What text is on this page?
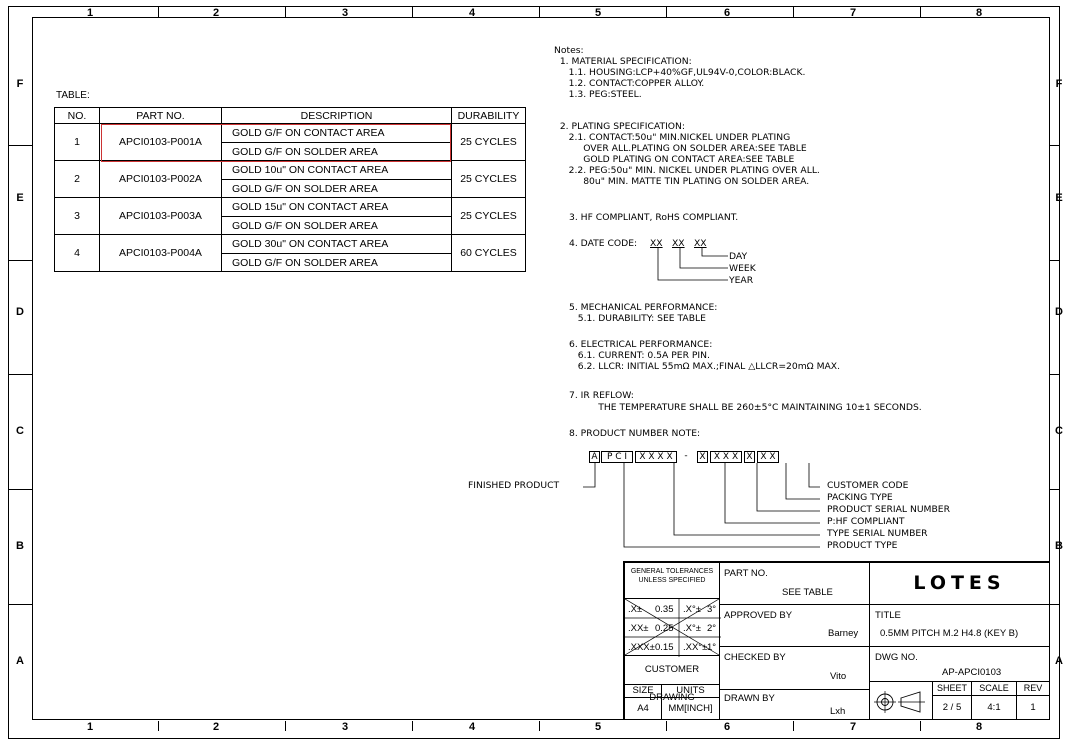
1	2	3	4	5	6	7	8
1	2	3	4	5	6	7	8
F
E
D
C
B
A
F
E
D
C
B
A
TABLE:
NO.	PART NO.	DESCRIPTION	DURABILITY
1	APCI0103-P001A	GOLD G/F ON CONTACT AREA	25 CYCLES
		GOLD G/F ON SOLDER AREA	
2	APCI0103-P002A	GOLD 10u" ON CONTACT AREA	25 CYCLES
		GOLD G/F ON SOLDER AREA	
3	APCI0103-P003A	GOLD 15u" ON CONTACT AREA	25 CYCLES
		GOLD G/F ON SOLDER AREA	
4	APCI0103-P004A	GOLD 30u" ON CONTACT AREA	60 CYCLES
		GOLD G/F ON SOLDER AREA	
Notes:
1. MATERIAL SPECIFICATION:
1.1. HOUSING:LCP+40%GF,UL94V-0,COLOR:BLACK.
1.2. CONTACT:COPPER ALLOY.
1.3. PEG:STEEL.
2. PLATING SPECIFICATION:
2.1. CONTACT:50u" MIN.NICKEL UNDER PLATING
OVER ALL.PLATING ON SOLDER AREA:SEE TABLE
GOLD PLATING ON CONTACT AREA:SEE TABLE
2.2. PEG:50u" MIN. NICKEL UNDER PLATING OVER ALL.
80u" MIN. MATTE TIN PLATING ON SOLDER AREA.
3. HF COMPLIANT, RoHS COMPLIANT.
4. DATE CODE: XX XX XX
DAY
WEEK
YEAR
5. MECHANICAL PERFORMANCE:
5.1. DURABILITY: SEE TABLE
6. ELECTRICAL PERFORMANCE:
6.1. CURRENT: 0.5A PER PIN.
6.2. LLCR: INITIAL 55mΩ MAX.;FINAL △LLCR=20mΩ MAX.
7. IR REFLOW:
THE TEMPERATURE SHALL BE 260±5°C MAINTAINING 10±1 SECONDS.
8. PRODUCT NUMBER NOTE:
A	P C I	X X X X	-	X X X X X X X
FINISHED PRODUCT	CUSTOMER CODE
PACKING TYPE
PRODUCT SERIAL NUMBER
P:HF COMPLIANT
TYPE SERIAL NUMBER
PRODUCT TYPE
GENERAL TOLERANCES
UNLESS SPECIFIED
.X± 0.35 .X°± 3°
.XX± 0.25 .X°± 2°
.XXX± 0.15 .XX°± 1°
CUSTOMER DRAWING
SIZE	UNITS
A4	MM[INCH]
PART NO.
SEE TABLE
APPROVED BY
Barney
CHECKED BY
Vito
DRAWN BY
Lxh
LOTES
TITLE
0.5MM PITCH M.2 H4.8 (KEY B)
DWG NO.
AP-APCI0103
SHEET	SCALE	REV
2 / 5	4:1	1
